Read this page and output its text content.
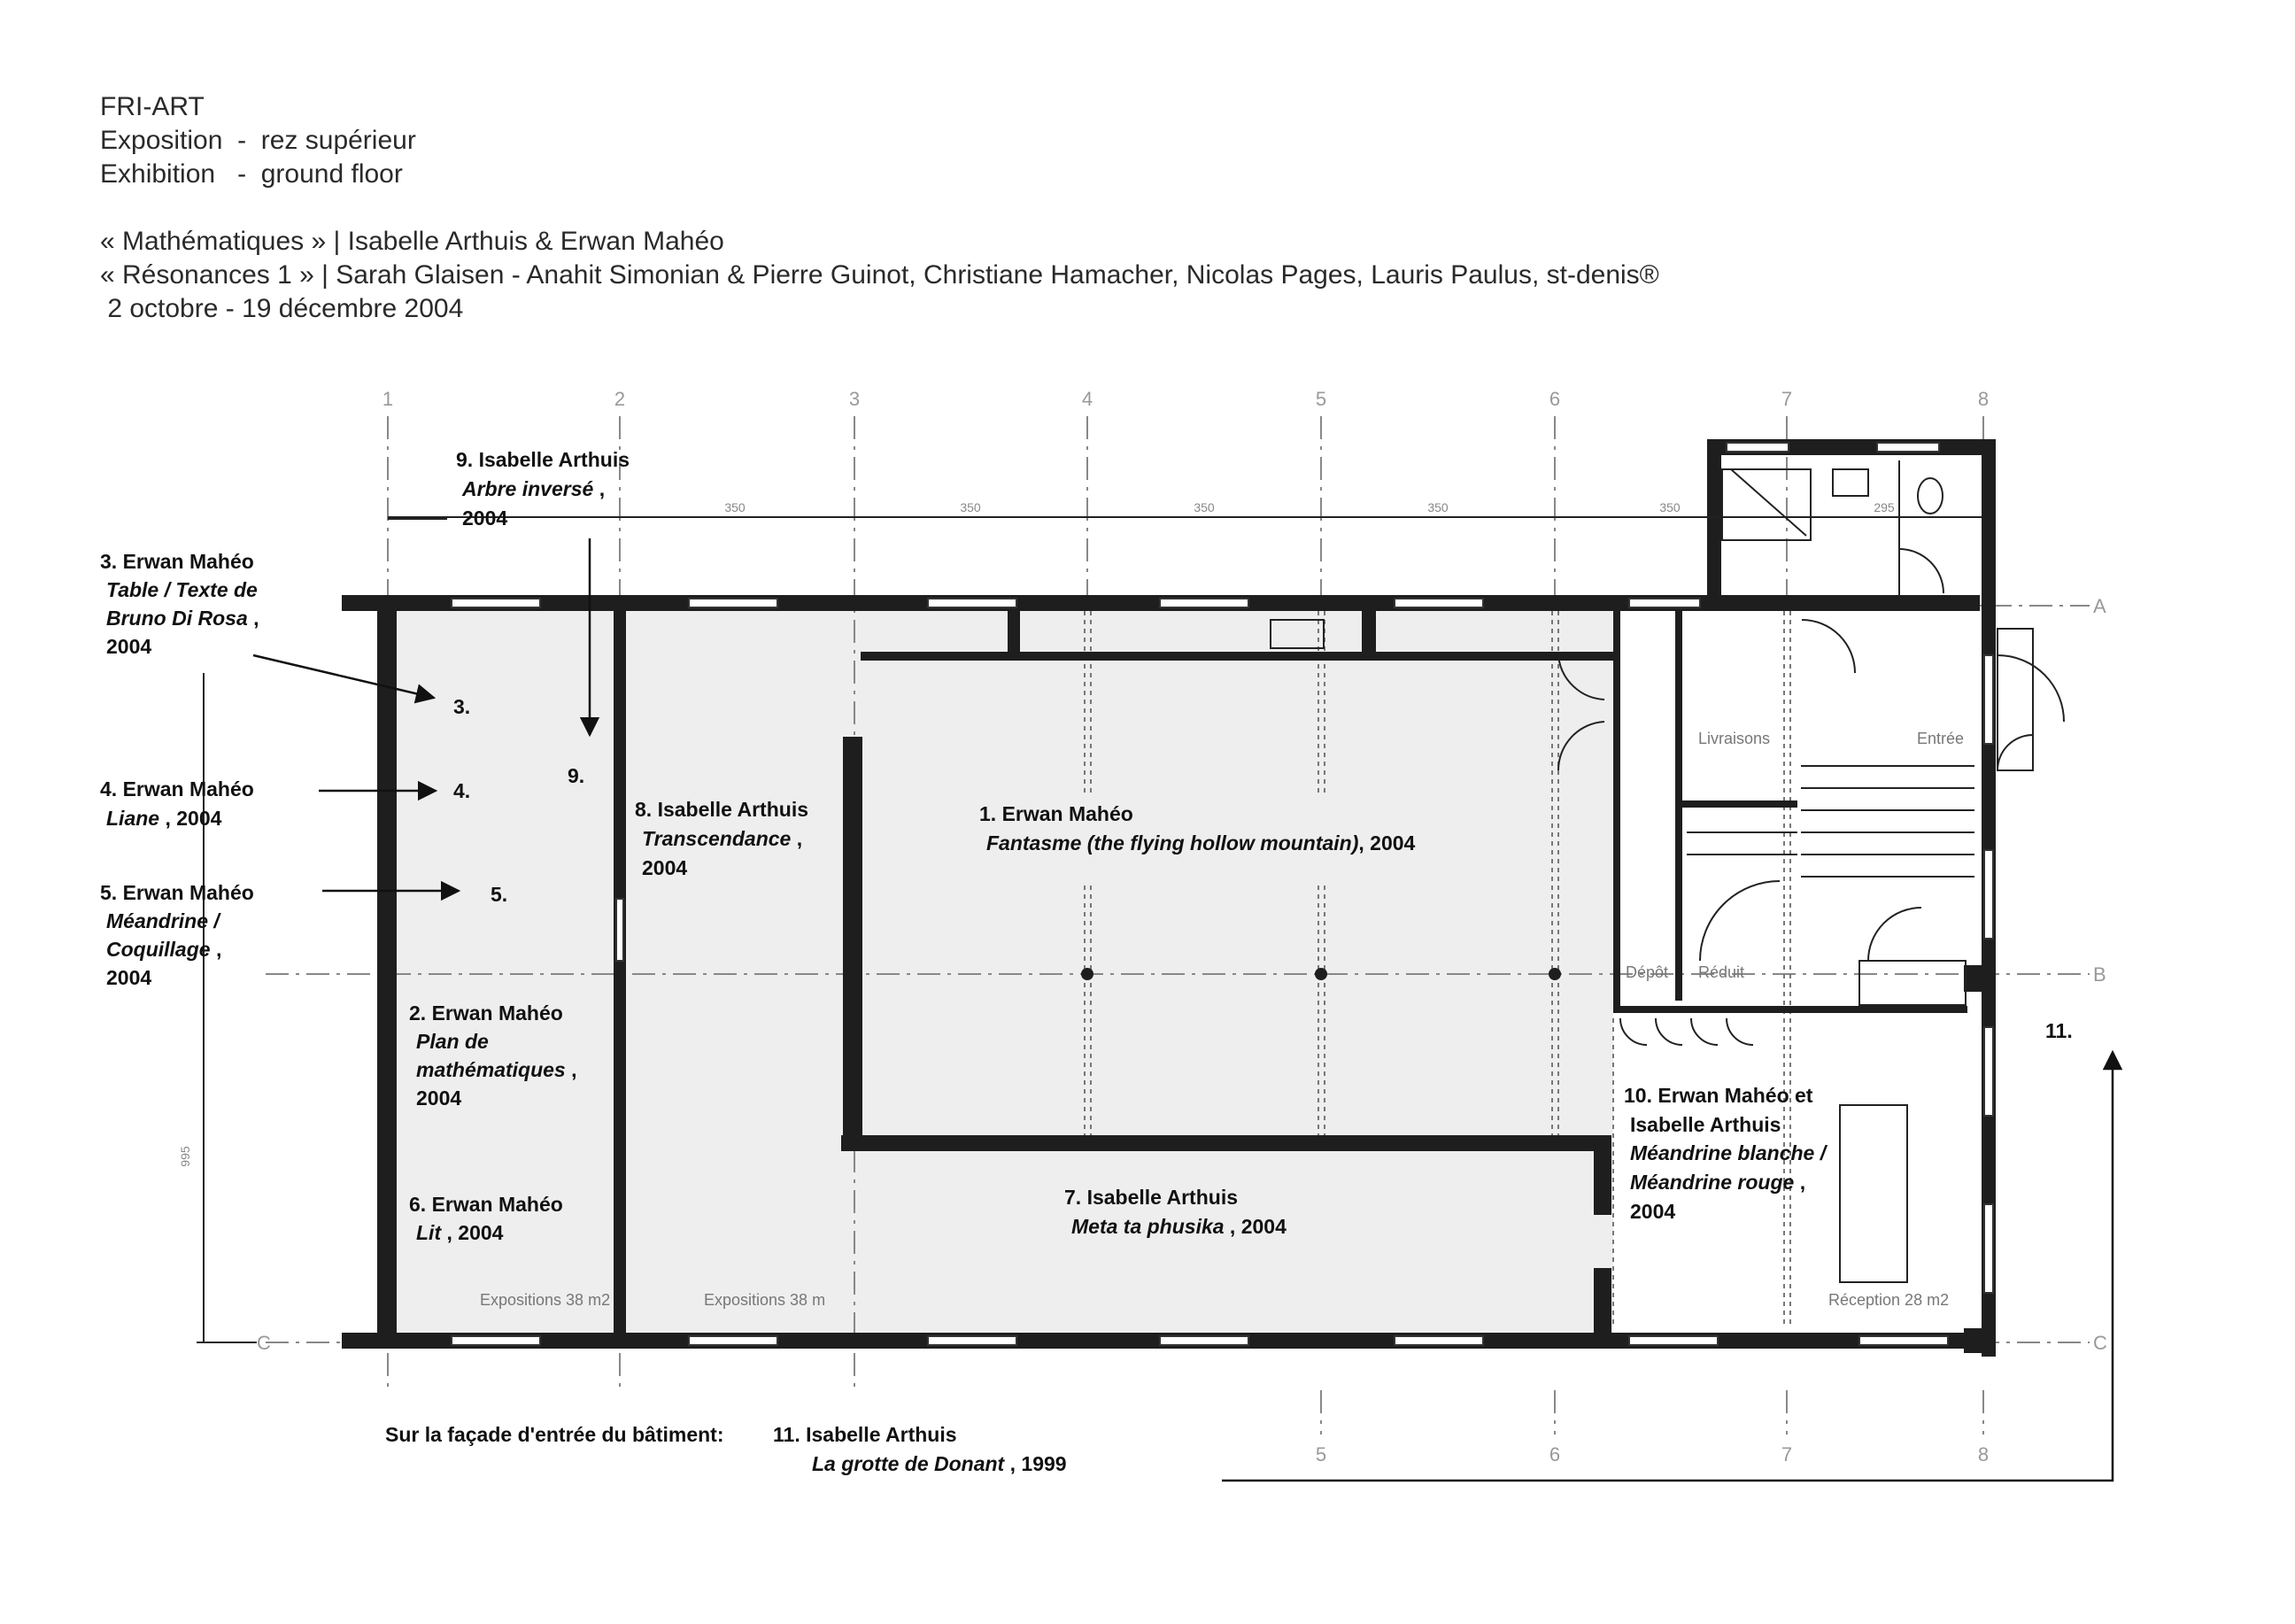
FRI-ART
Exposition  -  rez supérieur
Exhibition   -  ground floor
« Mathématiques » | Isabelle Arthuis & Erwan Mahéo
« Résonances 1 » | Sarah Glaisen - Anahit Simonian & Pierre Guinot, Christiane Hamacher, Nicolas Pages, Lauris Paulus, st-denis®
2 octobre - 19 décembre 2004
1	2	3	4	5	6	7	8
5	6	7	8
A
B
C
C
350	350	350	350	350	295
995
Expositions 38 m2	Expositions 38 m	Réception 28 m2
Livraisons	Entrée
Dépôt Réduit
1. Erwan Mahéo
Fantasme (the flying hollow mountain), 2004
2. Erwan Mahéo
Plan de
mathématiques ,
2004
3. Erwan Mahéo
Table / Texte de
Bruno Di Rosa ,
2004
3.
4. Erwan Mahéo
Liane , 2004
4.
5. Erwan Mahéo
Méandrine /
Coquillage ,
2004
5.
6. Erwan Mahéo
Lit , 2004
7. Isabelle Arthuis
Meta ta phusika , 2004
8. Isabelle Arthuis
Transcendance ,
2004
9. Isabelle Arthuis
Arbre inversé ,
2004
9.
10. Erwan Mahéo et
Isabelle Arthuis
Méandrine blanche /
Méandrine rouge ,
2004
11.
Sur la façade d'entrée du bâtiment: 11. Isabelle Arthuis
La grotte de Donant , 1999
